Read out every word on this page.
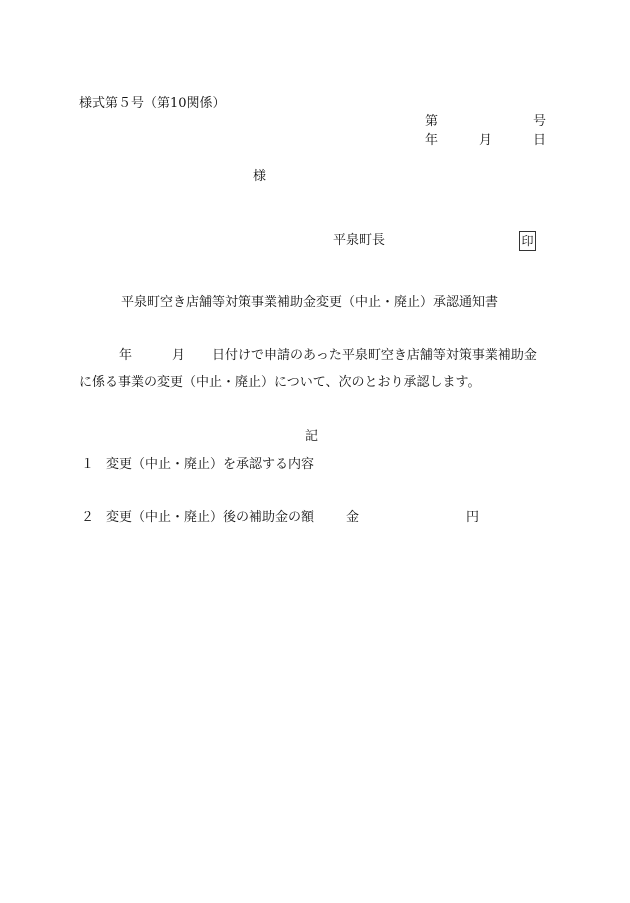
様式第５号（第10関係）
第	号
年	月	日
様
平泉町長	印
平泉町空き店舗等対策事業補助金変更（中止・廃止）承認通知書
年	月 日付けで申請のあった平泉町空き店舗等対策事業補助金
に係る事業の変更（中止・廃止）について、次のとおり承認します。
記
１ 変更（中止・廃止）を承認する内容
２ 変更（中止・廃止）後の補助金の額 金	円
